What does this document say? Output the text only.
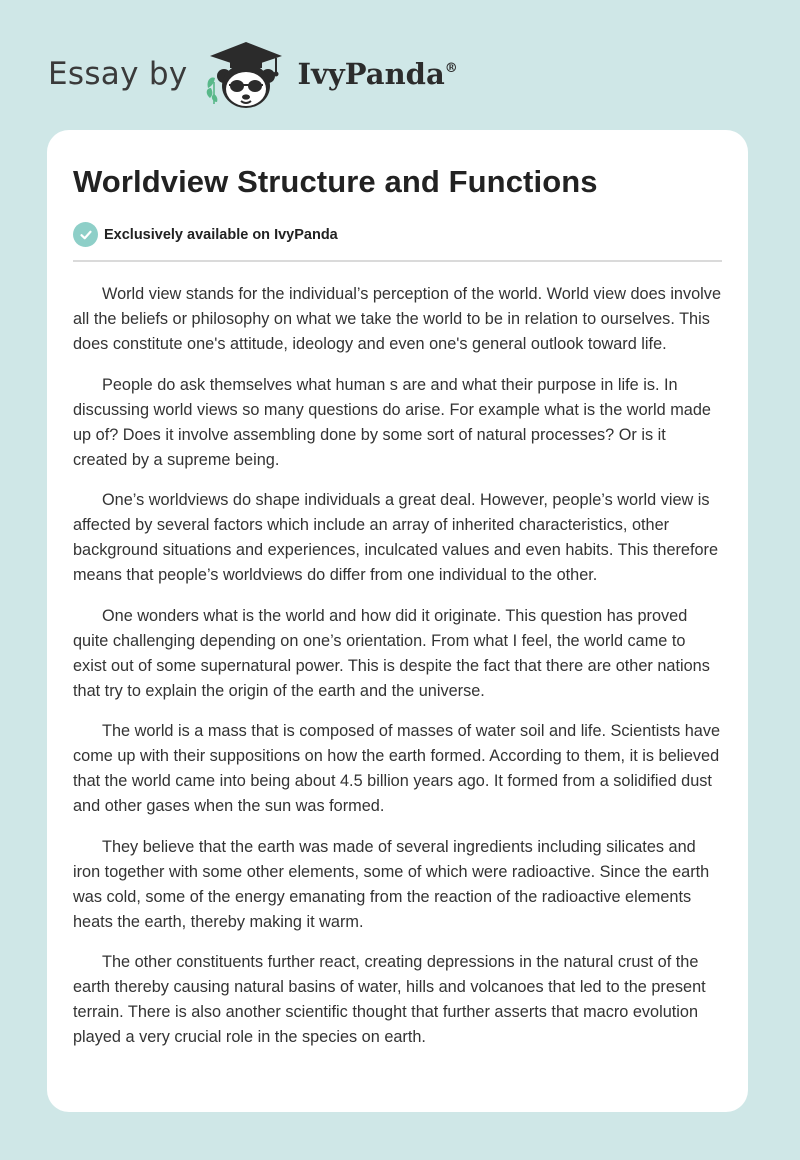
Essay by	IvyPanda®
Worldview Structure and Functions
Exclusively available on IvyPanda

World view stands for the individual’s perception of the world. World view does involve all the beliefs or philosophy on what we take the world to be in relation to ourselves. This does constitute one's attitude, ideology and even one's general outlook toward life.

People do ask themselves what human s are and what their purpose in life is. In discussing world views so many questions do arise. For example what is the world made up of? Does it involve assembling done by some sort of natural processes? Or is it created by a supreme being.

One’s worldviews do shape individuals a great deal. However, people’s world view is affected by several factors which include an array of inherited characteristics, other background situations and experiences, inculcated values and even habits. This therefore means that people’s worldviews do differ from one individual to the other.

One wonders what is the world and how did it originate. This question has proved quite challenging depending on one’s orientation. From what I feel, the world came to exist out of some supernatural power. This is despite the fact that there are other nations that try to explain the origin of the earth and the universe.

The world is a mass that is composed of masses of water soil and life. Scientists have come up with their suppositions on how the earth formed. According to them, it is believed that the world came into being about 4.5 billion years ago. It formed from a solidified dust and other gases when the sun was formed.

They believe that the earth was made of several ingredients including silicates and iron together with some other elements, some of which were radioactive. Since the earth was cold, some of the energy emanating from the reaction of the radioactive elements heats the earth, thereby making it warm.

The other constituents further react, creating depressions in the natural crust of the earth thereby causing natural basins of water, hills and volcanoes that led to the present terrain. There is also another scientific thought that further asserts that macro evolution played a very crucial role in the species on earth.
